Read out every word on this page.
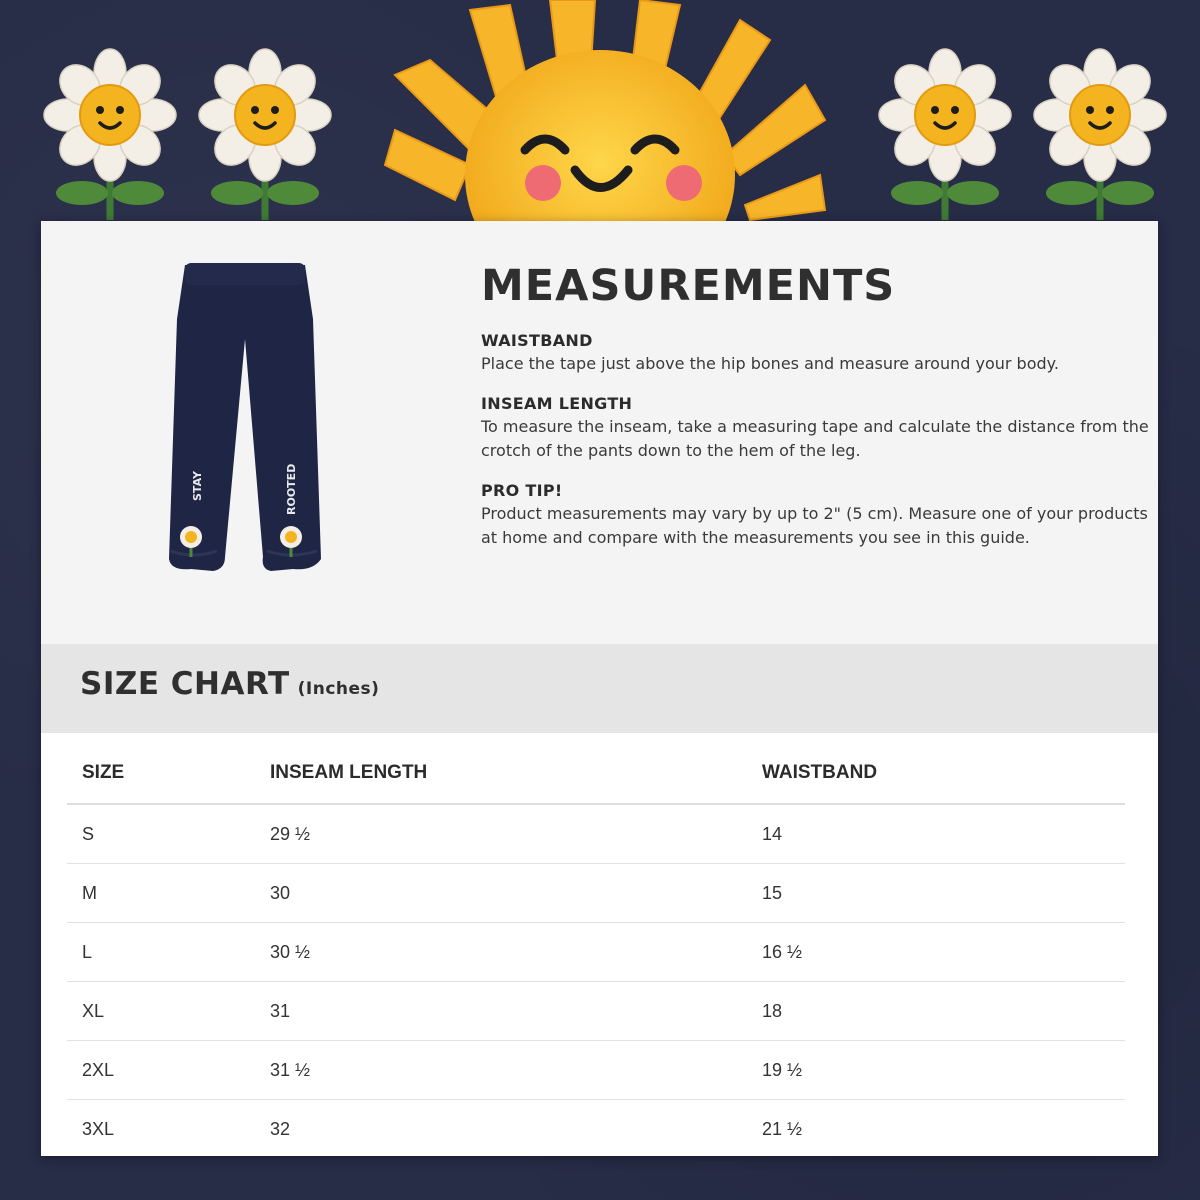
STAY	ROOTED
MEASUREMENTS
WAISTBAND
Place the tape just above the hip bones and measure around your body.
INSEAM LENGTH
To measure the inseam, take a measuring tape and calculate the distance from the crotch of the pants down to the hem of the leg.
PRO TIP!
Product measurements may vary by up to 2" (5 cm). Measure one of your products at home and compare with the measurements you see in this guide.
SIZE CHART (Inches)
SIZE	INSEAM LENGTH	WAISTBAND
S	29 ½	14
M	30	15
L	30 ½	16 ½
XL	31	18
2XL	31 ½	19 ½
3XL	32	21 ½
